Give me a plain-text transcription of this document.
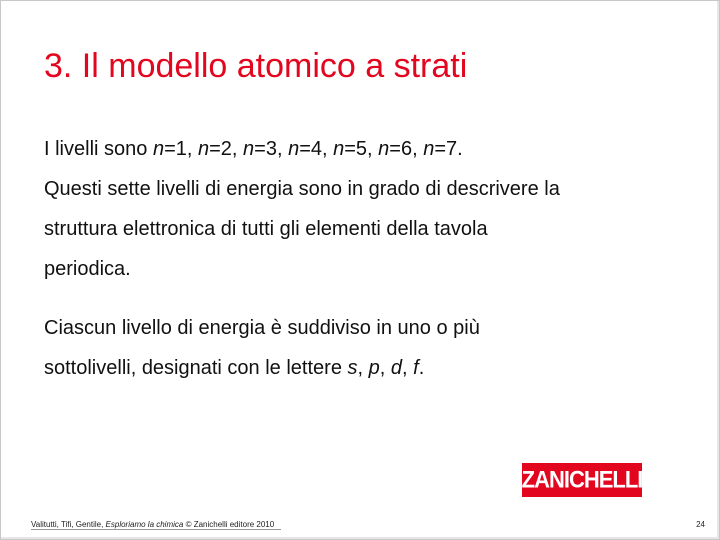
3. Il modello atomico a strati

I livelli sono n=1, n=2, n=3, n=4, n=5, n=6, n=7.
Questi sette livelli di energia sono in grado di descrivere la
struttura elettronica di tutti gli elementi della tavola
periodica.

Ciascun livello di energia è suddiviso in uno o più
sottolivelli, designati con le lettere s, p, d, f.

ZANICHELLI
Valitutti, Tifi, Gentile, Esploriamo la chimica © Zanichelli editore 2010	24
